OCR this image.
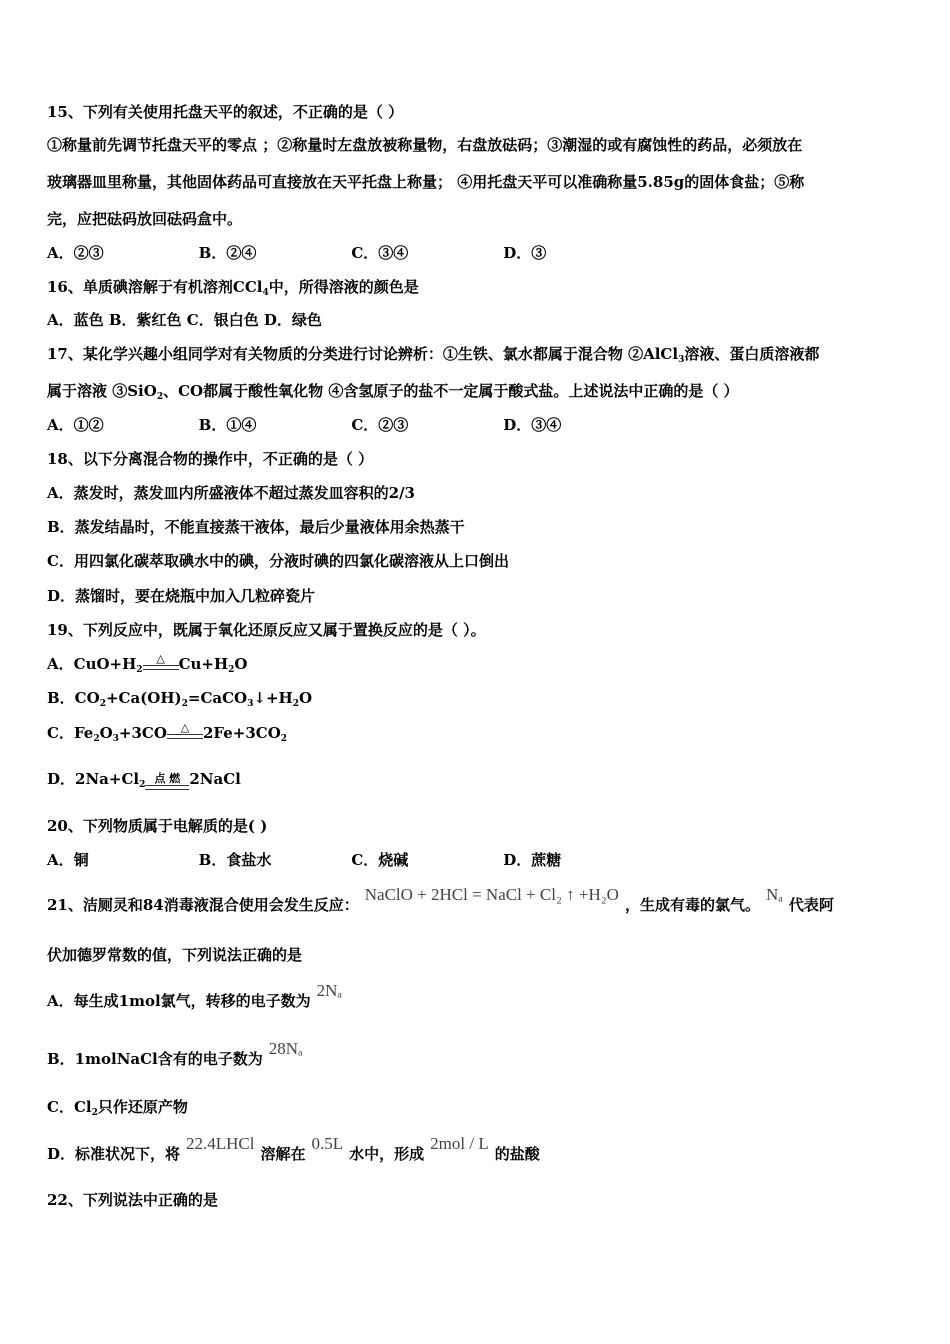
15、下列有关使用托盘天平的叙述，不正确的是（ ）
①称量前先调节托盘天平的零点 ；②称量时左盘放被称量物，右盘放砝码；③潮湿的或有腐蚀性的药品，必须放在
玻璃器皿里称量，其他固体药品可直接放在天平托盘上称量； ④用托盘天平可以准确称量5.85g的固体食盐；⑤称
完，应把砝码放回砝码盒中。
A．②③	B．②④	C．③④	D．③
16、单质碘溶解于有机溶剂CCl$_4$中，所得溶液的颜色是
A．蓝色 B．紫红色 C．银白色 D．绿色
17、某化学兴趣小组同学对有关物质的分类进行讨论辨析：①生铁、氯水都属于混合物 ②AlCl$_3$溶液、蛋白质溶液都
属于溶液 ③SiO$_2$、CO都属于酸性氧化物 ④含氢原子的盐不一定属于酸式盐。上述说法中正确的是（ ）
A．①②	B．①④	C．②③	D．③④
18、以下分离混合物的操作中，不正确的是（ ）
A．蒸发时，蒸发皿内所盛液体不超过蒸发皿容积的2/3
B．蒸发结晶时，不能直接蒸干液体，最后少量液体用余热蒸干
C．用四氯化碳萃取碘水中的碘，分液时碘的四氯化碳溶液从上口倒出
D．蒸馏时，要在烧瓶中加入几粒碎瓷片
19、下列反应中，既属于氧化还原反应又属于置换反应的是（ ）。
A．$CuO+H_2$
△ $Cu+H_2O$
B．$CO_2+Ca(OH)_2=CaCO_3↓+H_2O$
C．$Fe_2O_3+3CO$	△ $2Fe+3CO_2$
D．$2Na+Cl_2$ 点 燃 2NaCl
20、下列物质属于电解质的是( )
A．铜	B．食盐水	C．烧碱	D．蔗糖
21、洁厕灵和84消毒液混合使用会发生反应：NaClO + 2HCl = NaCl + Cl₂ ↑ +H₂O，生成有毒的氯气。Nₐ代表阿
伏加德罗常数的值，下列说法正确的是
A．每生成1mol氯气，转移的电子数为2Nₐ
B．1molNaCl含有的电子数为28Nₐ
C．$Cl_2$只作还原产物
D．标准状况下，将22.4LHCl溶解在0.5L水中，形成2mol / L的盐酸
22、下列说法中正确的是
